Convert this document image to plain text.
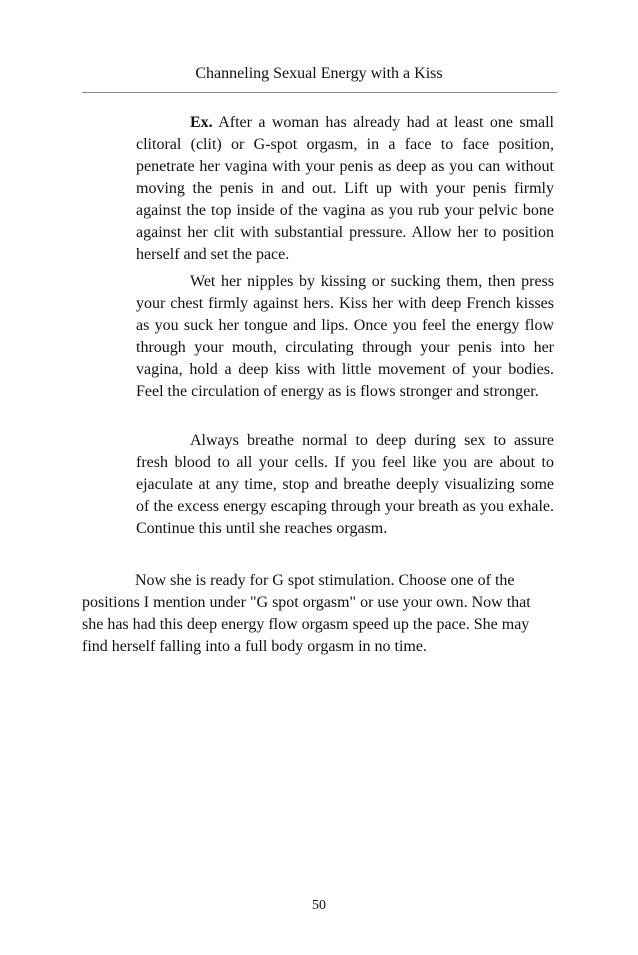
Channeling Sexual Energy with a Kiss

Ex. After a woman has already had at least one small clitoral (clit) or G-spot orgasm, in a face to face position, penetrate her vagina with your penis as deep as you can without moving the penis in and out. Lift up with your penis firmly against the top inside of the vagina as you rub your pelvic bone against her clit with substantial pressure. Allow her to position herself and set the pace.

Wet her nipples by kissing or sucking them, then press your chest firmly against hers. Kiss her with deep French kisses as you suck her tongue and lips. Once you feel the energy flow through your mouth, circulating through your penis into her vagina, hold a deep kiss with little movement of your bodies. Feel the circulation of energy as is flows stronger and stronger.

Always breathe normal to deep during sex to assure fresh blood to all your cells. If you feel like you are about to ejaculate at any time, stop and breathe deeply visualizing some of the excess energy escaping through your breath as you exhale. Continue this until she reaches orgasm.

Now she is ready for G spot stimulation. Choose one of the positions I mention under "G spot orgasm" or use your own. Now that she has had this deep energy flow orgasm speed up the pace. She may find herself falling into a full body orgasm in no time.

50
